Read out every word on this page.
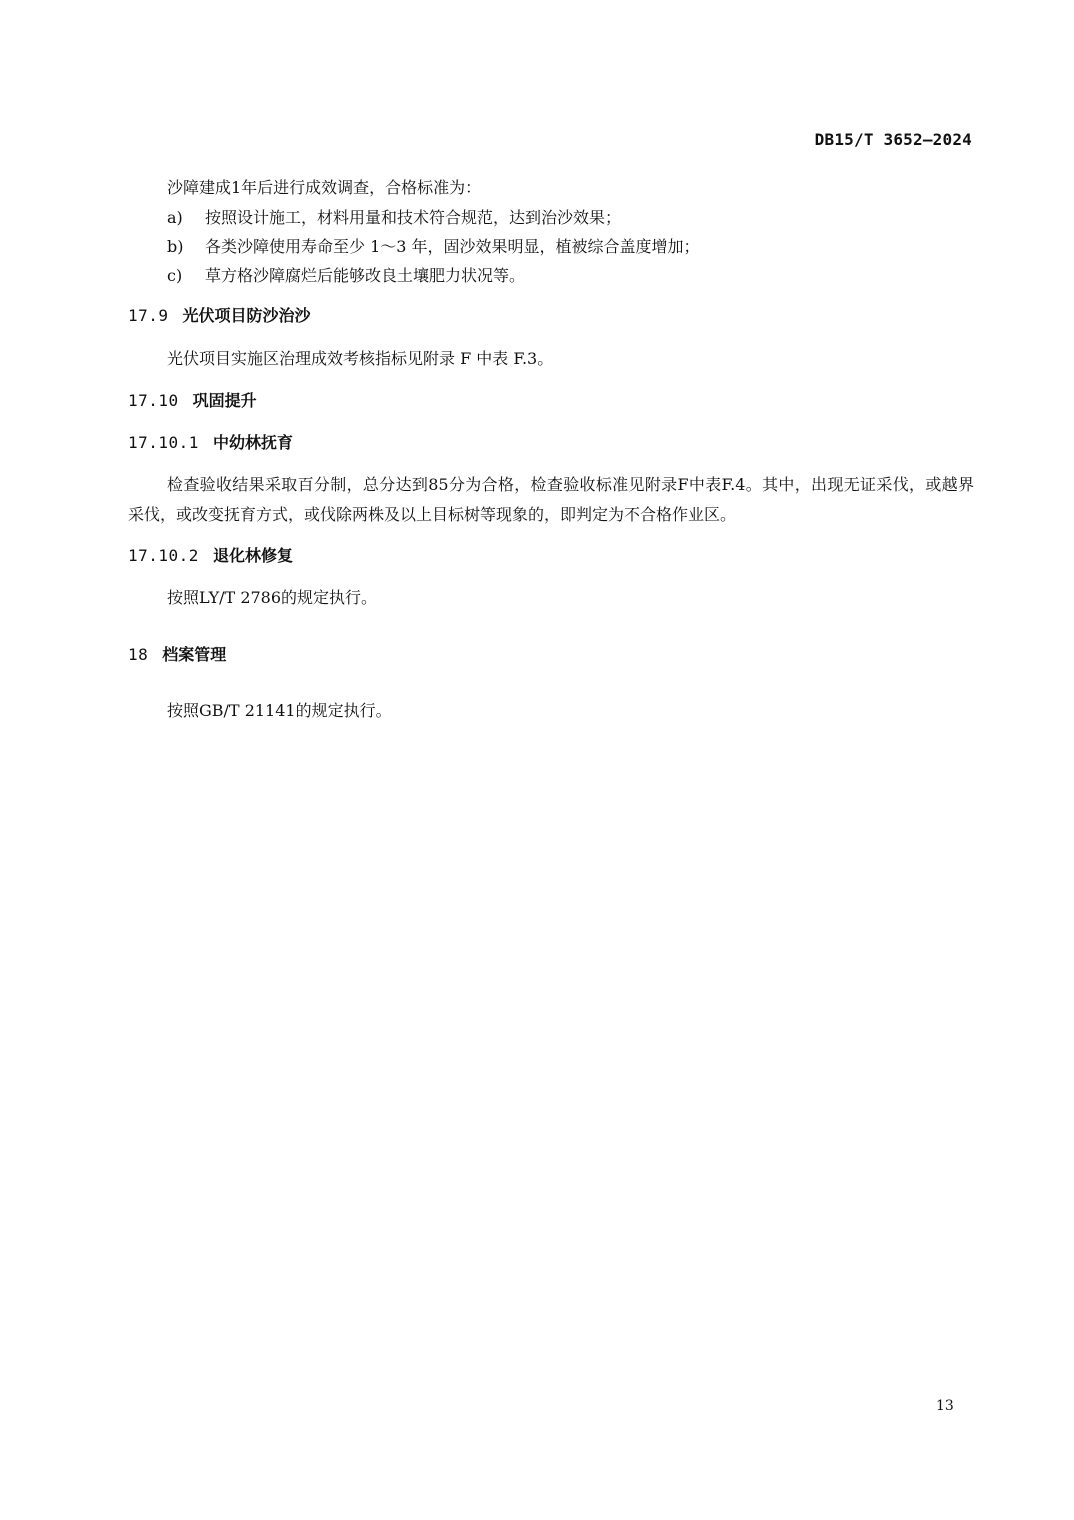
DB15/T 3652—2024
沙障建成1年后进行成效调查，合格标准为：
a) 按照设计施工，材料用量和技术符合规范，达到治沙效果；
b) 各类沙障使用寿命至少 1～3 年，固沙效果明显，植被综合盖度增加；
c) 草方格沙障腐烂后能够改良土壤肥力状况等。
17.9 光伏项目防沙治沙
光伏项目实施区治理成效考核指标见附录 F 中表 F.3。
17.10 巩固提升
17.10.1 中幼林抚育
检查验收结果采取百分制，总分达到85分为合格，检查验收标准见附录F中表F.4。其中，出现无证采伐，或越界采伐，或改变抚育方式，或伐除两株及以上目标树等现象的，即判定为不合格作业区。
17.10.2 退化林修复
按照LY/T 2786的规定执行。
18 档案管理
按照GB/T 21141的规定执行。
13
